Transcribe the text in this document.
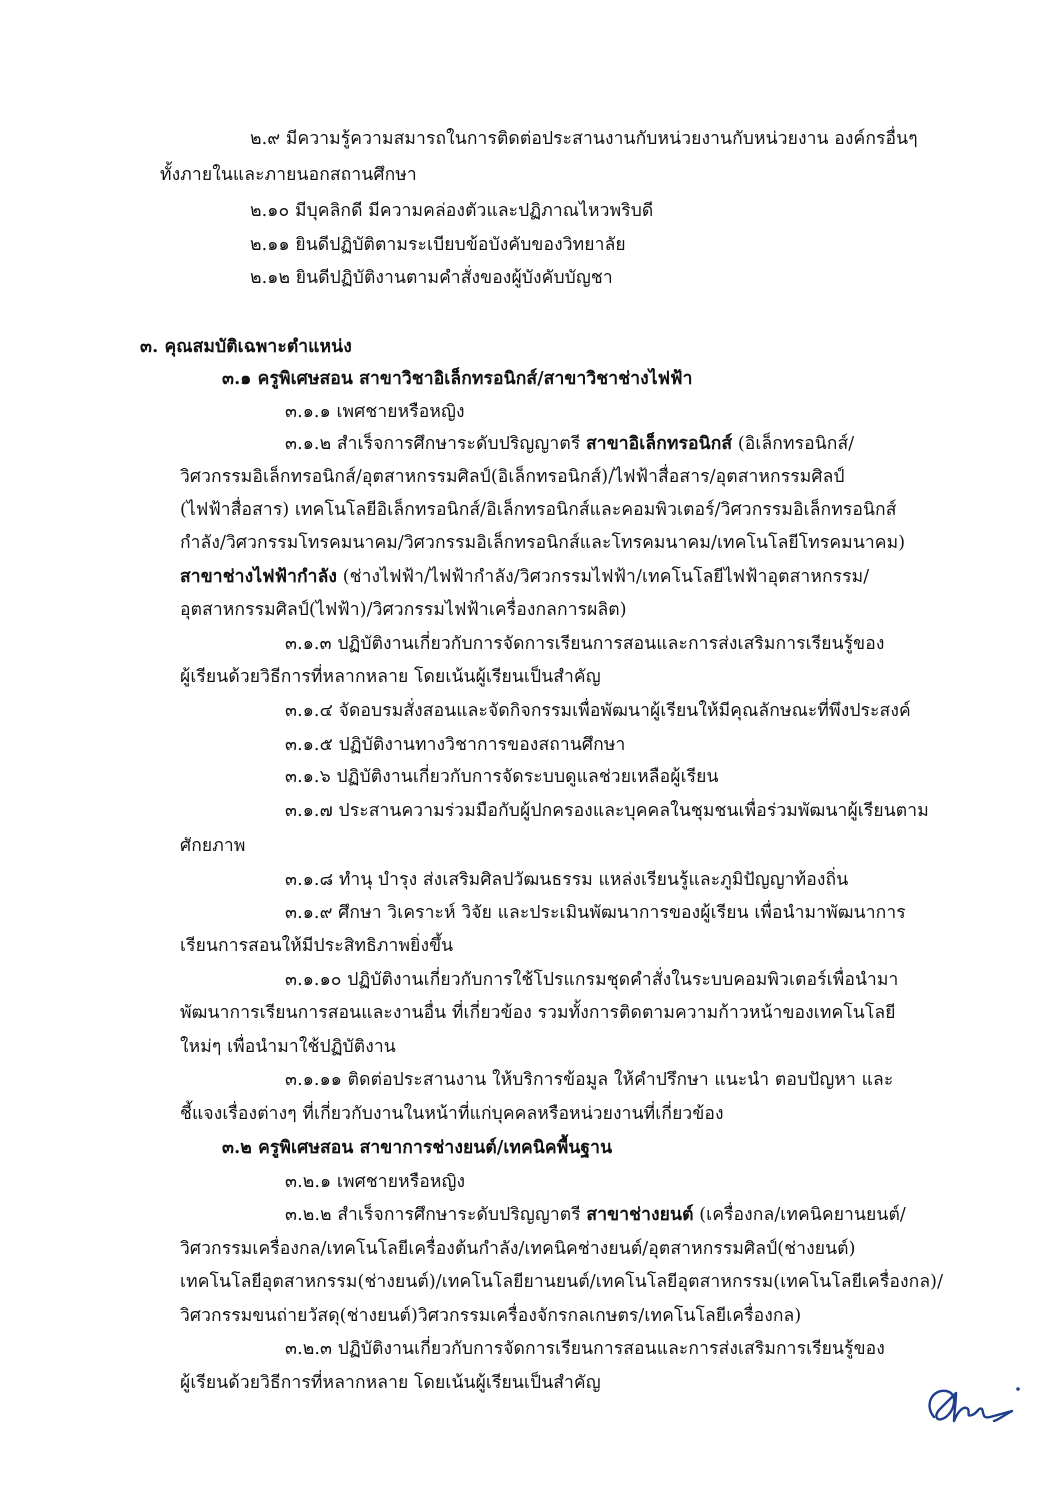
๒.๙ มีความรู้ความสมารถในการติดต่อประสานงานกับหน่วยงานกับหน่วยงาน องค์กรอื่นๆ
ทั้งภายในและภายนอกสถานศึกษา
๒.๑๐ มีบุคลิกดี มีความคล่องตัวและปฏิภาณไหวพริบดี
๒.๑๑ ยินดีปฏิบัติตามระเบียบข้อบังคับของวิทยาลัย
๒.๑๒ ยินดีปฏิบัติงานตามคำสั่งของผู้บังคับบัญชา
๓. คุณสมบัติเฉพาะตำแหน่ง
๓.๑ ครูพิเศษสอน สาขาวิชาอิเล็กทรอนิกส์/สาขาวิชาช่างไฟฟ้า
๓.๑.๑ เพศชายหรือหญิง
๓.๑.๒ สำเร็จการศึกษาระดับปริญญาตรี สาขาอิเล็กทรอนิกส์ (อิเล็กทรอนิกส์/
วิศวกรรมอิเล็กทรอนิกส์/อุตสาหกรรมศิลป์(อิเล็กทรอนิกส์)/ไฟฟ้าสื่อสาร/อุตสาหกรรมศิลป์
(ไฟฟ้าสื่อสาร) เทคโนโลยีอิเล็กทรอนิกส์/อิเล็กทรอนิกส์และคอมพิวเตอร์/วิศวกรรมอิเล็กทรอนิกส์
กำลัง/วิศวกรรมโทรคมนาคม/วิศวกรรมอิเล็กทรอนิกส์และโทรคมนาคม/เทคโนโลยีโทรคมนาคม)
สาขาช่างไฟฟ้ากำลัง (ช่างไฟฟ้า/ไฟฟ้ากำลัง/วิศวกรรมไฟฟ้า/เทคโนโลยีไฟฟ้าอุตสาหกรรม/
อุตสาหกรรมศิลป์(ไฟฟ้า)/วิศวกรรมไฟฟ้าเครื่องกลการผลิต)
๓.๑.๓ ปฏิบัติงานเกี่ยวกับการจัดการเรียนการสอนและการส่งเสริมการเรียนรู้ของ
ผู้เรียนด้วยวิธีการที่หลากหลาย โดยเน้นผู้เรียนเป็นสำคัญ
๓.๑.๔ จัดอบรมสั่งสอนและจัดกิจกรรมเพื่อพัฒนาผู้เรียนให้มีคุณลักษณะที่พึงประสงค์
๓.๑.๕ ปฏิบัติงานทางวิชาการของสถานศึกษา
๓.๑.๖ ปฏิบัติงานเกี่ยวกับการจัดระบบดูแลช่วยเหลือผู้เรียน
๓.๑.๗ ประสานความร่วมมือกับผู้ปกครองและบุคคลในชุมชนเพื่อร่วมพัฒนาผู้เรียนตาม
ศักยภาพ
๓.๑.๘ ทำนุ บำรุง ส่งเสริมศิลปวัฒนธรรม แหล่งเรียนรู้และภูมิปัญญาท้องถิ่น
๓.๑.๙ ศึกษา วิเคราะห์ วิจัย และประเมินพัฒนาการของผู้เรียน เพื่อนำมาพัฒนาการ
เรียนการสอนให้มีประสิทธิภาพยิ่งขึ้น
๓.๑.๑๐ ปฏิบัติงานเกี่ยวกับการใช้โปรแกรมชุดคำสั่งในระบบคอมพิวเตอร์เพื่อนำมา
พัฒนาการเรียนการสอนและงานอื่น ที่เกี่ยวข้อง รวมทั้งการติดตามความก้าวหน้าของเทคโนโลยี
ใหม่ๆ เพื่อนำมาใช้ปฏิบัติงาน
๓.๑.๑๑ ติดต่อประสานงาน ให้บริการข้อมูล ให้คำปรึกษา แนะนำ ตอบปัญหา และ
ชี้แจงเรื่องต่างๆ ที่เกี่ยวกับงานในหน้าที่แก่บุคคลหรือหน่วยงานที่เกี่ยวข้อง
๓.๒ ครูพิเศษสอน สาขาการช่างยนต์/เทคนิคพื้นฐาน
๓.๒.๑ เพศชายหรือหญิง
๓.๒.๒ สำเร็จการศึกษาระดับปริญญาตรี สาขาช่างยนต์ (เครื่องกล/เทคนิคยานยนต์/
วิศวกรรมเครื่องกล/เทคโนโลยีเครื่องต้นกำลัง/เทคนิคช่างยนต์/อุตสาหกรรมศิลป์(ช่างยนต์)
เทคโนโลยีอุตสาหกรรม(ช่างยนต์)/เทคโนโลยียานยนต์/เทคโนโลยีอุตสาหกรรม(เทคโนโลยีเครื่องกล)/
วิศวกรรมขนถ่ายวัสดุ(ช่างยนต์)วิศวกรรมเครื่องจักรกลเกษตร/เทคโนโลยีเครื่องกล)
๓.๒.๓ ปฏิบัติงานเกี่ยวกับการจัดการเรียนการสอนและการส่งเสริมการเรียนรู้ของ
ผู้เรียนด้วยวิธีการที่หลากหลาย โดยเน้นผู้เรียนเป็นสำคัญ
